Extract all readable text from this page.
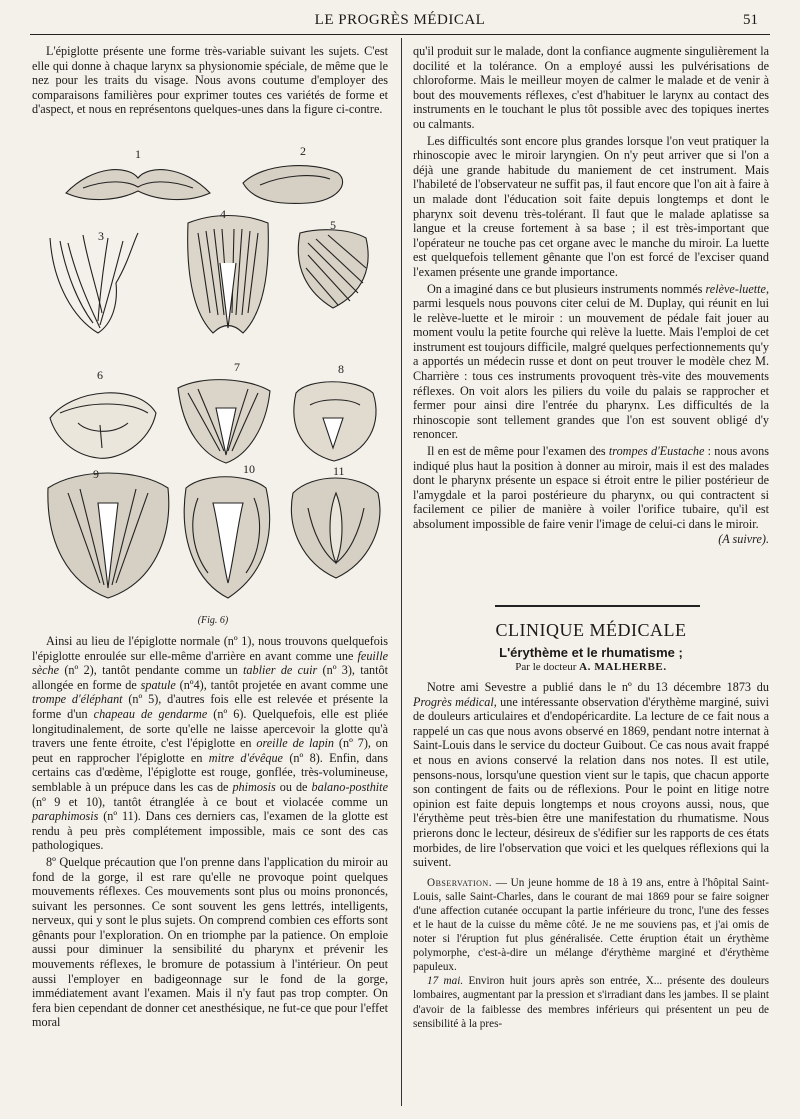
LE PROGRÈS MÉDICAL	51

L'épiglotte présente une forme très-variable suivant les sujets. C'est elle qui donne à chaque larynx sa physionomie spéciale, de même que le nez pour les traits du visage. Nous avons coutume d'employer des comparaisons familières pour exprimer toutes ces variétés de forme et d'aspect, et nous en représentons quelques-unes dans la figure ci-contre.

1	2
3
4
5
6
7	8
9	10	11
(Fig. 6)

Ainsi au lieu de l'épiglotte normale (nº 1), nous trouvons quelquefois l'épiglotte enroulée sur elle-même d'arrière en avant comme une feuille sèche (nº 2), tantôt pendante comme un tablier de cuir (nº 3), tantôt allongée en forme de spatule (nº4), tantôt projetée en avant comme une trompe d'éléphant (nº 5), d'autres fois elle est relevée et présente la forme d'un chapeau de gendarme (nº 6). Quelquefois, elle est pliée longitudinalement, de sorte qu'elle ne laisse apercevoir la glotte qu'à travers une fente étroite, c'est l'épiglotte en oreille de lapin (nº 7), on peut en rapprocher l'épiglotte en mitre d'évêque (nº 8). Enfin, dans certains cas d'œdème, l'épiglotte est rouge, gonflée, très-volumineuse, semblable à un prépuce dans les cas de phimosis ou de balano-posthite (nº 9 et 10), tantôt étranglée à ce bout et violacée comme un paraphimosis (nº 11). Dans ces derniers cas, l'examen de la glotte est rendu à peu près complétement impossible, mais ce sont des cas pathologiques.

8º Quelque précaution que l'on prenne dans l'application du miroir au fond de la gorge, il est rare qu'elle ne provoque point quelques mouvements réflexes. Ces mouvements sont plus ou moins prononcés, suivant les personnes. Ce sont souvent les gens lettrés, intelligents, nerveux, qui y sont le plus sujets. On comprend combien ces efforts sont gênants pour l'exploration. On en triomphe par la patience. On emploie aussi pour diminuer la sensibilité du pharynx et prévenir les mouvements réflexes, le bromure de potassium à l'intérieur. On peut aussi l'employer en badigeonnage sur le fond de la gorge, immédiatement avant l'examen. Mais il n'y faut pas trop compter. On fera bien cependant de donner cet anesthésique, ne fut-ce que pour l'effet moral

qu'il produit sur le malade, dont la confiance augmente singulièrement la docilité et la tolérance. On a employé aussi les pulvérisations de chloroforme. Mais le meilleur moyen de calmer le malade et de venir à bout des mouvements réflexes, c'est d'habituer le larynx au contact des instruments en le touchant le plus tôt possible avec des topiques inertes ou calmants.

Les difficultés sont encore plus grandes lorsque l'on veut pratiquer la rhinoscopie avec le miroir laryngien. On n'y peut arriver que si l'on a déjà une grande habitude du maniement de cet instrument. Mais l'habileté de l'observateur ne suffit pas, il faut encore que l'on ait à faire à un malade dont l'éducation soit faite depuis longtemps et dont le pharynx soit devenu très-tolérant. Il faut que le malade aplatisse sa langue et la creuse fortement à sa base ; il est très-important que l'opérateur ne touche pas cet organe avec le manche du miroir. La luette est quelquefois tellement gênante que l'on est forcé de l'exciser quand l'examen présente une grande importance.

On a imaginé dans ce but plusieurs instruments nommés relève-luette, parmi lesquels nous pouvons citer celui de M. Duplay, qui réunit en lui le relève-luette et le miroir : un mouvement de pédale fait jouer au moment voulu la petite fourche qui relève la luette. Mais l'emploi de cet instrument est toujours difficile, malgré quelques perfectionnements qu'y a apportés un médecin russe et dont on peut trouver le modèle chez M. Charrière : tous ces instruments provoquent très-vite des mouvements réflexes. On voit alors les piliers du voile du palais se rapprocher et fermer pour ainsi dire l'entrée du pharynx. Les difficultés de la rhinoscopie sont tellement grandes que l'on est souvent obligé d'y renoncer.

Il en est de même pour l'examen des trompes d'Eustache : nous avons indiqué plus haut la position à donner au miroir, mais il est des malades dont le pharynx présente un espace si étroit entre le pilier postérieur de l'amygdale et la paroi postérieure du pharynx, ou qui contractent si facilement ce pilier de manière à voiler l'orifice tubaire, qu'il est absolument impossible de faire venir l'image de celui-ci dans le miroir.
(A suivre).

CLINIQUE MÉDICALE
L'érythème et le rhumatisme ;
Par le docteur A. MALHERBE.

Notre ami Sevestre a publié dans le nº du 13 décembre 1873 du Progrès médical, une intéressante observation d'érythème marginé, suivi de douleurs articulaires et d'endopéricardite. La lecture de ce fait nous a rappelé un cas que nous avons observé en 1869, pendant notre internat à Saint-Louis dans le service du docteur Guibout. Ce cas nous avait frappé et nous en avions conservé la relation dans nos notes. Il est utile, pensons-nous, lorsqu'une question vient sur le tapis, que chacun apporte son contingent de faits ou de réflexions. Pour le point en litige notre opinion est faite depuis longtemps et nous croyons aussi, nous, que l'érythème peut très-bien être une manifestation du rhumatisme. Nous prierons donc le lecteur, désireux de s'édifier sur les rapports de ces états morbides, de lire l'observation que voici et les quelques réflexions qui la suivent.

Observation. — Un jeune homme de 18 à 19 ans, entre à l'hôpital Saint-Louis, salle Saint-Charles, dans le courant de mai 1869 pour se faire soigner d'une affection cutanée occupant la partie inférieure du tronc, l'une des fesses et le haut de la cuisse du même côté. Je ne me souviens pas, et j'ai omis de noter si l'éruption fut plus généralisée. Cette éruption était un érythème polymorphe, c'est-à-dire un mélange d'érythème marginé et d'érythème papuleux.

17 mai. Environ huit jours après son entrée, X... présente des douleurs lombaires, augmentant par la pression et s'irradiant dans les jambes. Il se plaint d'avoir de la faiblesse des membres inférieurs qui présentent un peu de sensibilité à la pres-
